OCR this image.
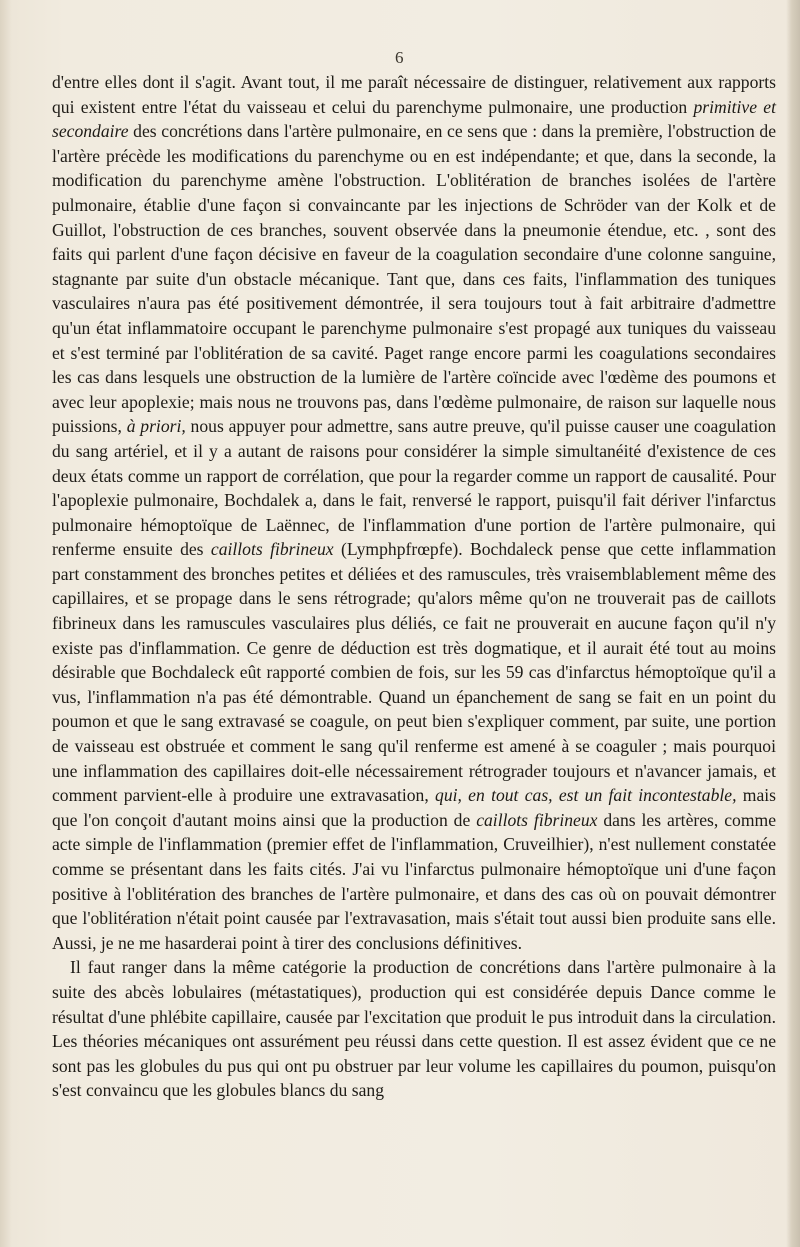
6

d'entre elles dont il s'agit. Avant tout, il me paraît nécessaire de distinguer, relativement aux rapports qui existent entre l'état du vaisseau et celui du parenchyme pulmonaire, une production primitive et secondaire des concrétions dans l'artère pulmonaire, en ce sens que : dans la première, l'obstruction de l'artère précède les modifications du parenchyme ou en est indépendante; et que, dans la seconde, la modification du parenchyme amène l'obstruction. L'oblitération de branches isolées de l'artère pulmonaire, établie d'une façon si convaincante par les injections de Schröder van der Kolk et de Guillot, l'obstruction de ces branches, souvent observée dans la pneumonie étendue, etc. , sont des faits qui parlent d'une façon décisive en faveur de la coagulation secondaire d'une colonne sanguine, stagnante par suite d'un obstacle mécanique. Tant que, dans ces faits, l'inflammation des tuniques vasculaires n'aura pas été positivement démontrée, il sera toujours tout à fait arbitraire d'admettre qu'un état inflammatoire occupant le parenchyme pulmonaire s'est propagé aux tuniques du vaisseau et s'est terminé par l'oblitération de sa cavité. Paget range encore parmi les coagulations secondaires les cas dans lesquels une obstruction de la lumière de l'artère coïncide avec l'œdème des poumons et avec leur apoplexie; mais nous ne trouvons pas, dans l'œdème pulmonaire, de raison sur laquelle nous puissions, à priori, nous appuyer pour admettre, sans autre preuve, qu'il puisse causer une coagulation du sang artériel, et il y a autant de raisons pour considérer la simple simultanéité d'existence de ces deux états comme un rapport de corrélation, que pour la regarder comme un rapport de causalité. Pour l'apoplexie pulmonaire, Bochdalek a, dans le fait, renversé le rapport, puisqu'il fait dériver l'infarctus pulmonaire hémoptoïque de Laënnec, de l'inflammation d'une portion de l'artère pulmonaire, qui renferme ensuite des caillots fibrineux (Lymphpfrœpfe). Bochdaleck pense que cette inflammation part constamment des bronches petites et déliées et des ramuscules, très vraisemblablement même des capillaires, et se propage dans le sens rétrograde; qu'alors même qu'on ne trouverait pas de caillots fibrineux dans les ramuscules vasculaires plus déliés, ce fait ne prouverait en aucune façon qu'il n'y existe pas d'inflammation. Ce genre de déduction est très dogmatique, et il aurait été tout au moins désirable que Bochdaleck eût rapporté combien de fois, sur les 59 cas d'infarctus hémoptoïque qu'il a vus, l'inflammation n'a pas été démontrable. Quand un épanchement de sang se fait en un point du poumon et que le sang extravasé se coagule, on peut bien s'expliquer comment, par suite, une portion de vaisseau est obstruée et comment le sang qu'il renferme est amené à se coaguler ; mais pourquoi une inflammation des capillaires doit-elle nécessairement rétrograder toujours et n'avancer jamais, et comment parvient-elle à produire une extravasation, qui, en tout cas, est un fait incontestable, mais que l'on conçoit d'autant moins ainsi que la production de caillots fibrineux dans les artères, comme acte simple de l'inflammation (premier effet de l'inflammation, Cruveilhier), n'est nullement constatée comme se présentant dans les faits cités. J'ai vu l'infarctus pulmonaire hémoptoïque uni d'une façon positive à l'oblitération des branches de l'artère pulmonaire, et dans des cas où on pouvait démontrer que l'oblitération n'était point causée par l'extravasation, mais s'était tout aussi bien produite sans elle. Aussi, je ne me hasarderai point à tirer des conclusions définitives.

Il faut ranger dans la même catégorie la production de concrétions dans l'artère pulmonaire à la suite des abcès lobulaires (métastatiques), production qui est considérée depuis Dance comme le résultat d'une phlébite capillaire, causée par l'excitation que produit le pus introduit dans la circulation. Les théories mécaniques ont assurément peu réussi dans cette question. Il est assez évident que ce ne sont pas les globules du pus qui ont pu obstruer par leur volume les capillaires du poumon, puisqu'on s'est convaincu que les globules blancs du sang
